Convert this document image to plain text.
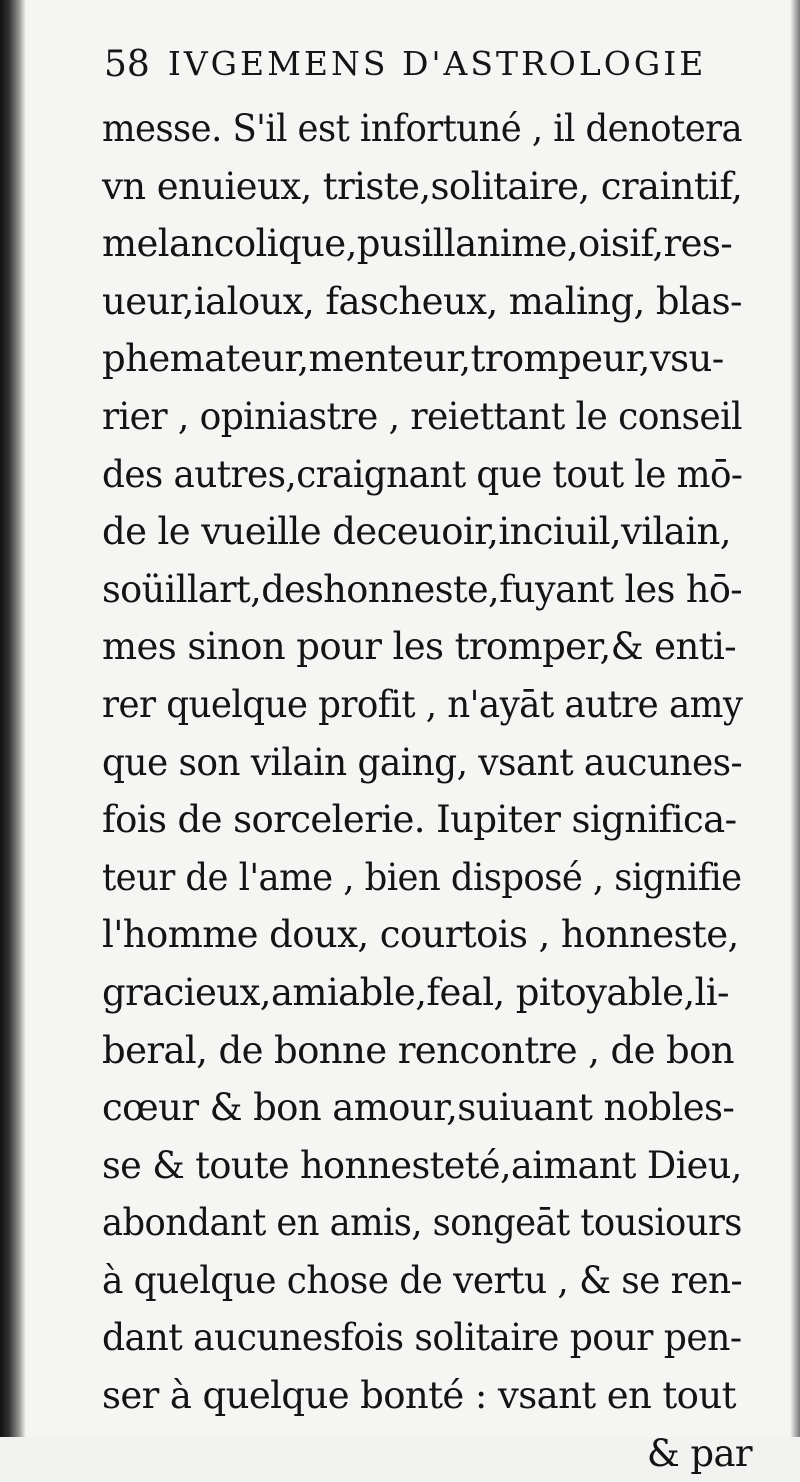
58 IVGEMENS D'ASTROLOGIE
messe. S'il est infortuné , il denotera
vn enuieux, triste,solitaire, craintif,
melancolique,pusillanime,oisif,res-
ueur,ialoux, fascheux, maling, blas-
phemateur,menteur,trompeur,vsu-
rier , opiniastre , reiettant le conseil
des autres,craignant que tout le mō-
de le vueille deceuoir,inciuil,vilain,
soüillart,deshonneste,fuyant les hō-
mes sinon pour les tromper,& enti-
rer quelque profit , n'ayāt autre amy
que son vilain gaing, vsant aucunes-
fois de sorcelerie. Iupiter significa-
teur de l'ame , bien disposé , signifie
l'homme doux, courtois , honneste,
gracieux,amiable,feal, pitoyable,li-
beral, de bonne rencontre , de bon
cœur & bon amour,suiuant nobles-
se & toute honnesteté,aimant Dieu,
abondant en amis, songeāt tousiours
à quelque chose de vertu , & se ren-
dant aucunesfois solitaire pour pen-
ser à quelque bonté : vsant en tout
& par
